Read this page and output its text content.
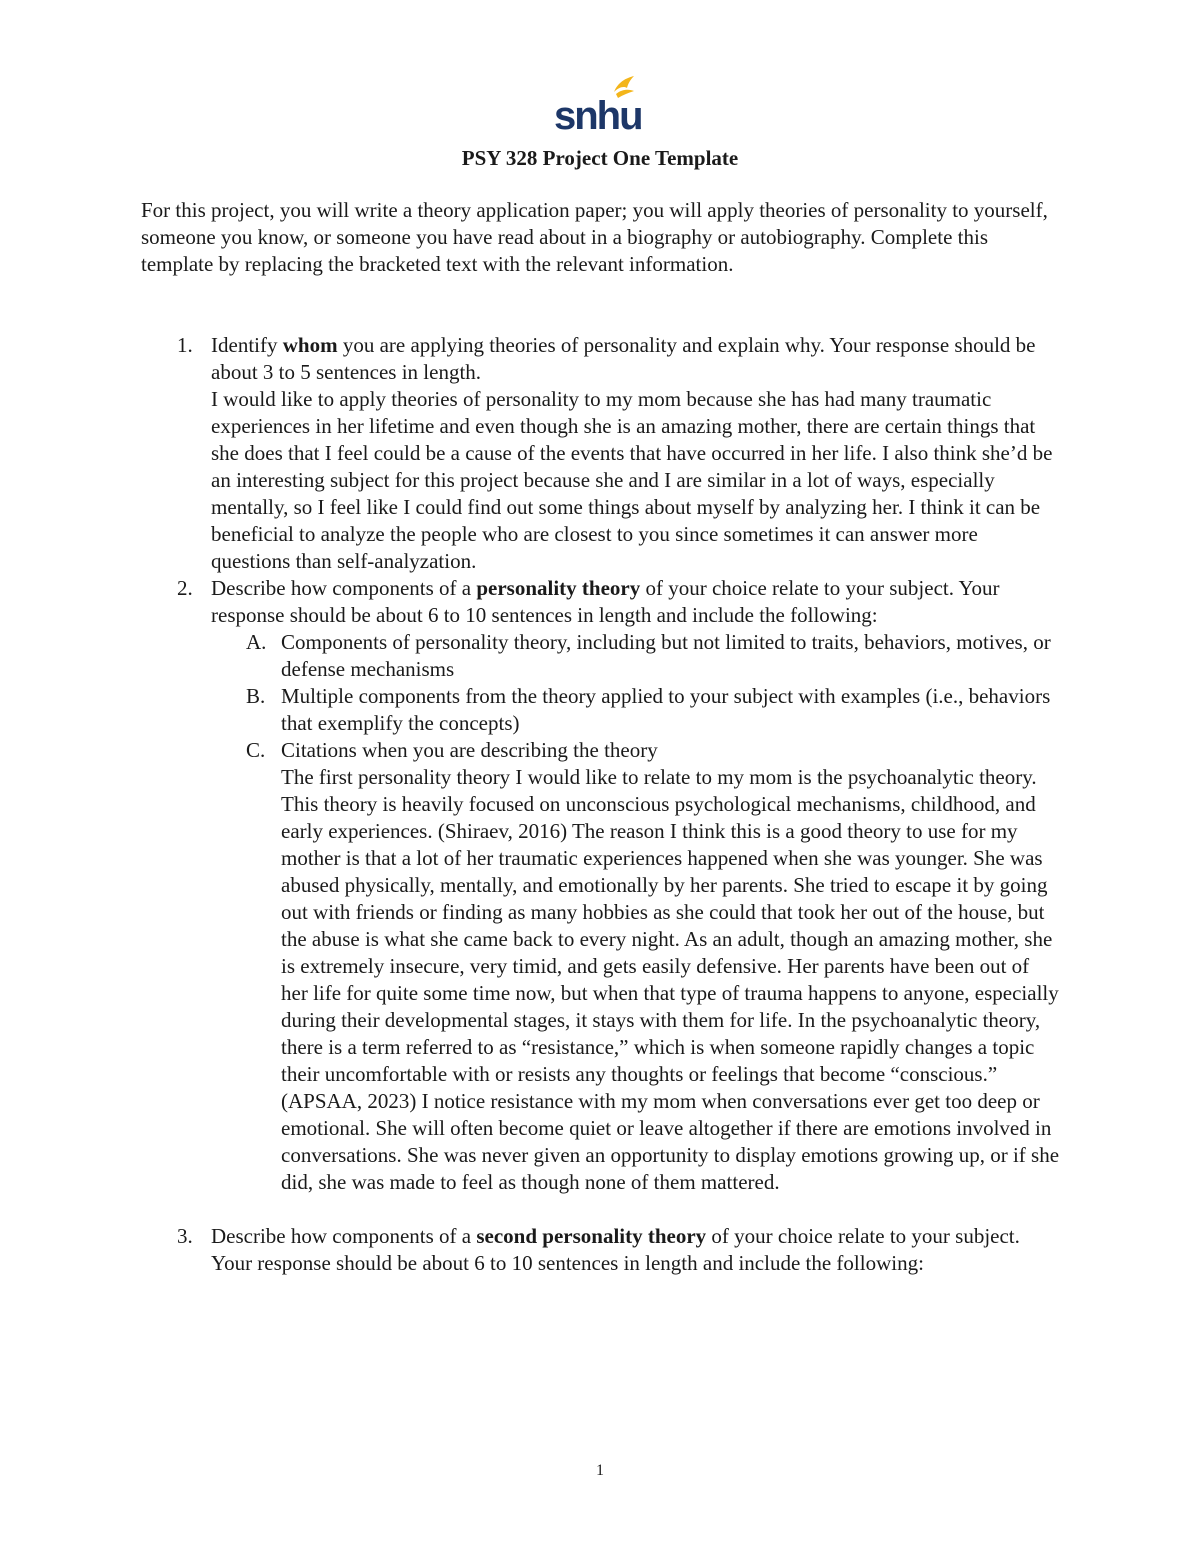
snhu
PSY 328 Project One Template

For this project, you will write a theory application paper; you will apply theories of personality to yourself, someone you know, or someone you have read about in a biography or autobiography. Complete this template by replacing the bracketed text with the relevant information.

1. Identify whom you are applying theories of personality and explain why. Your response should be about 3 to 5 sentences in length.

I would like to apply theories of personality to my mom because she has had many traumatic experiences in her lifetime and even though she is an amazing mother, there are certain things that she does that I feel could be a cause of the events that have occurred in her life. I also think she’d be an interesting subject for this project because she and I are similar in a lot of ways, especially mentally, so I feel like I could find out some things about myself by analyzing her. I think it can be beneficial to analyze the people who are closest to you since sometimes it can answer more questions than self-analyzation.

2. Describe how components of a personality theory of your choice relate to your subject. Your response should be about 6 to 10 sentences in length and include the following:

A. Components of personality theory, including but not limited to traits, behaviors, motives, or defense mechanisms

B. Multiple components from the theory applied to your subject with examples (i.e., behaviors that exemplify the concepts)

C. Citations when you are describing the theory

The first personality theory I would like to relate to my mom is the psychoanalytic theory. This theory is heavily focused on unconscious psychological mechanisms, childhood, and early experiences. (Shiraev, 2016) The reason I think this is a good theory to use for my mother is that a lot of her traumatic experiences happened when she was younger. She was abused physically, mentally, and emotionally by her parents. She tried to escape it by going out with friends or finding as many hobbies as she could that took her out of the house, but the abuse is what she came back to every night. As an adult, though an amazing mother, she is extremely insecure, very timid, and gets easily defensive. Her parents have been out of her life for quite some time now, but when that type of trauma happens to anyone, especially during their developmental stages, it stays with them for life. In the psychoanalytic theory, there is a term referred to as “resistance,” which is when someone rapidly changes a topic their uncomfortable with or resists any thoughts or feelings that become “conscious.” (APSAA, 2023) I notice resistance with my mom when conversations ever get too deep or emotional. She will often become quiet or leave altogether if there are emotions involved in conversations. She was never given an opportunity to display emotions growing up, or if she did, she was made to feel as though none of them mattered.

3. Describe how components of a second personality theory of your choice relate to your subject. Your response should be about 6 to 10 sentences in length and include the following:

1
